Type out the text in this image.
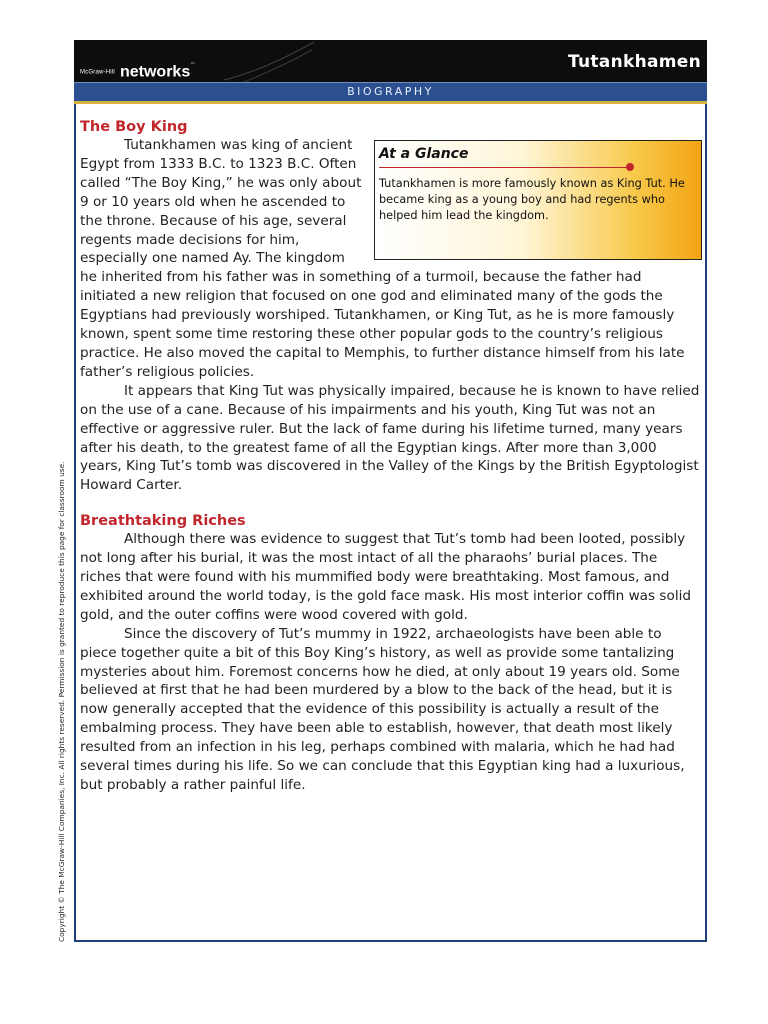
McGraw-Hill networks™	Tutankhamen
BIOGRAPHY
The Boy King
At a Glance

Tutankhamen is more famously known as King Tut. He became king as a young boy and had regents who helped him lead the kingdom.

Tutankhamen was king of ancient Egypt from 1333 B.C. to 1323 B.C. Often called “The Boy King,” he was only about 9 or 10 years old when he ascended to the throne. Because of his age, several regents made decisions for him, especially one named Ay. The kingdom he inherited from his father was in something of a turmoil, because the father had initiated a new religion that focused on one god and eliminated many of the gods the Egyptians had previously worshiped. Tutankhamen, or King Tut, as he is more famously known, spent some time restoring these other popular gods to the country’s religious practice. He also moved the capital to Memphis, to further distance himself from his late father’s religious policies.

It appears that King Tut was physically impaired, because he is known to have relied on the use of a cane. Because of his impairments and his youth, King Tut was not an effective or aggressive ruler. But the lack of fame during his lifetime turned, many years after his death, to the greatest fame of all the Egyptian kings. After more than 3,000 years, King Tut’s tomb was discovered in the Valley of the Kings by the British Egyptologist Howard Carter.

Breathtaking Riches

Although there was evidence to suggest that Tut’s tomb had been looted, possibly not long after his burial, it was the most intact of all the pharaohs’ burial places. The riches that were found with his mummified body were breathtaking. Most famous, and exhibited around the world today, is the gold face mask. His most interior coffin was solid gold, and the outer coffins were wood covered with gold.

Since the discovery of Tut’s mummy in 1922, archaeologists have been able to piece together quite a bit of this Boy King’s history, as well as provide some tantalizing mysteries about him. Foremost concerns how he died, at only about 19 years old. Some believed at first that he had been murdered by a blow to the back of the head, but it is now generally accepted that the evidence of this possibility is actually a result of the embalming process. They have been able to establish, however, that death most likely resulted from an infection in his leg, perhaps combined with malaria, which he had had several times during his life. So we can conclude that this Egyptian king had a luxurious, but probably a rather painful life.

Copyright © The McGraw-Hill Companies, Inc. All rights reserved. Permission is granted to reproduce this page for classroom use.
